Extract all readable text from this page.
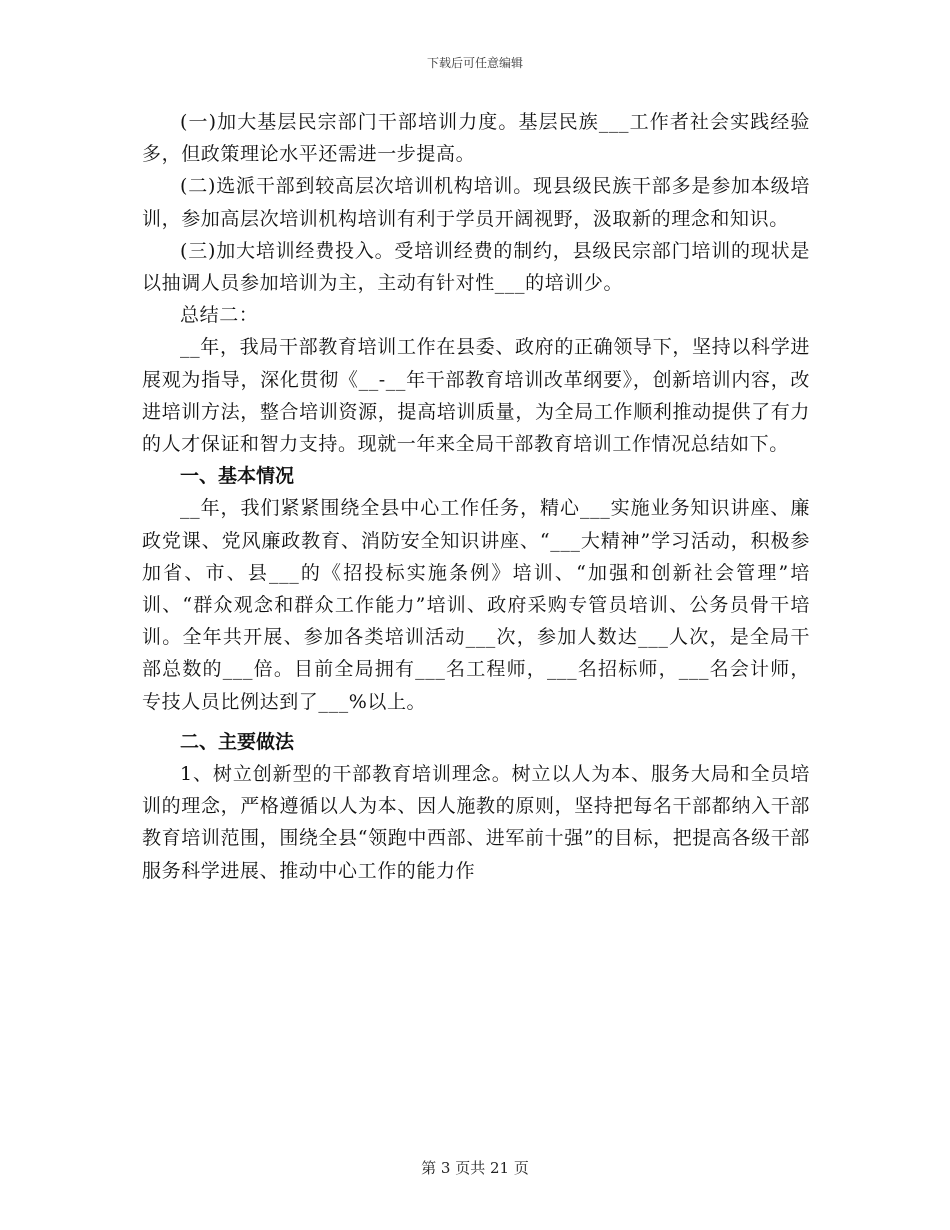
下载后可任意编辑

(一)加大基层民宗部门干部培训力度。基层民族___工作者社会实践经验多，但政策理论水平还需进一步提高。

(二)选派干部到较高层次培训机构培训。现县级民族干部多是参加本级培训，参加高层次培训机构培训有利于学员开阔视野，汲取新的理念和知识。

(三)加大培训经费投入。受培训经费的制约，县级民宗部门培训的现状是以抽调人员参加培训为主，主动有针对性___的培训少。

总结二：

__年，我局干部教育培训工作在县委、政府的正确领导下，坚持以科学进展观为指导，深化贯彻《__-__年干部教育培训改革纲要》，创新培训内容，改进培训方法，整合培训资源，提高培训质量，为全局工作顺利推动提供了有力的人才保证和智力支持。现就一年来全局干部教育培训工作情况总结如下。

一、基本情况

__年，我们紧紧围绕全县中心工作任务，精心___实施业务知识讲座、廉政党课、党风廉政教育、消防安全知识讲座、“___大精神”学习活动，积极参加省、市、县___的《招投标实施条例》培训、“加强和创新社会管理”培训、“群众观念和群众工作能力”培训、政府采购专管员培训、公务员骨干培训。全年共开展、参加各类培训活动___次，参加人数达___人次，是全局干部总数的___倍。目前全局拥有___名工程师，___名招标师，___名会计师，专技人员比例达到了___%以上。

二、主要做法

1、树立创新型的干部教育培训理念。树立以人为本、服务大局和全员培训的理念，严格遵循以人为本、因人施教的原则，坚持把每名干部都纳入干部教育培训范围，围绕全县“领跑中西部、进军前十强”的目标，把提高各级干部服务科学进展、推动中心工作的能力作

第 3 页共 21 页
